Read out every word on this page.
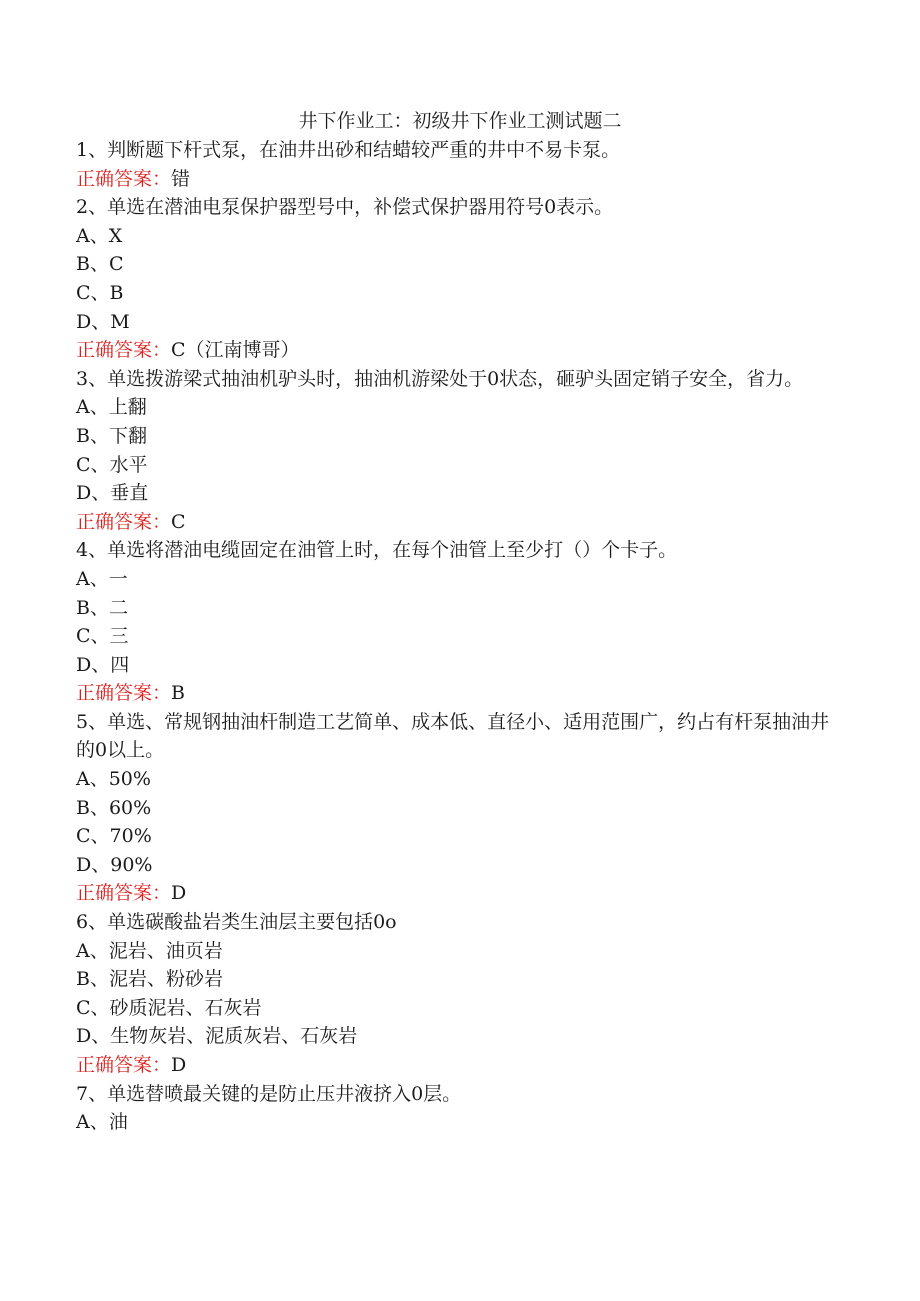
井下作业工：初级井下作业工测试题二
1、判断题下杆式泵，在油井出砂和结蜡较严重的井中不易卡泵。
正确答案：错
2、单选在潜油电泵保护器型号中，补偿式保护器用符号0表示。
A、X
B、C
C、B
D、M
正确答案：C（江南博哥）
3、单选拨游梁式抽油机驴头时，抽油机游梁处于0状态，砸驴头固定销子安全，省力。
A、上翻
B、下翻
C、水平
D、垂直
正确答案：C
4、单选将潜油电缆固定在油管上时，在每个油管上至少打（）个卡子。
A、一
B、二
C、三
D、四
正确答案：B
5、单选、常规钢抽油杆制造工艺简单、成本低、直径小、适用范围广，约占有杆泵抽油井的0以上。
A、50%
B、60%
C、70%
D、90%
正确答案：D
6、单选碳酸盐岩类生油层主要包括0o
A、泥岩、油页岩
B、泥岩、粉砂岩
C、砂质泥岩、石灰岩
D、生物灰岩、泥质灰岩、石灰岩
正确答案：D
7、单选替喷最关键的是防止压井液挤入0层。
A、油
